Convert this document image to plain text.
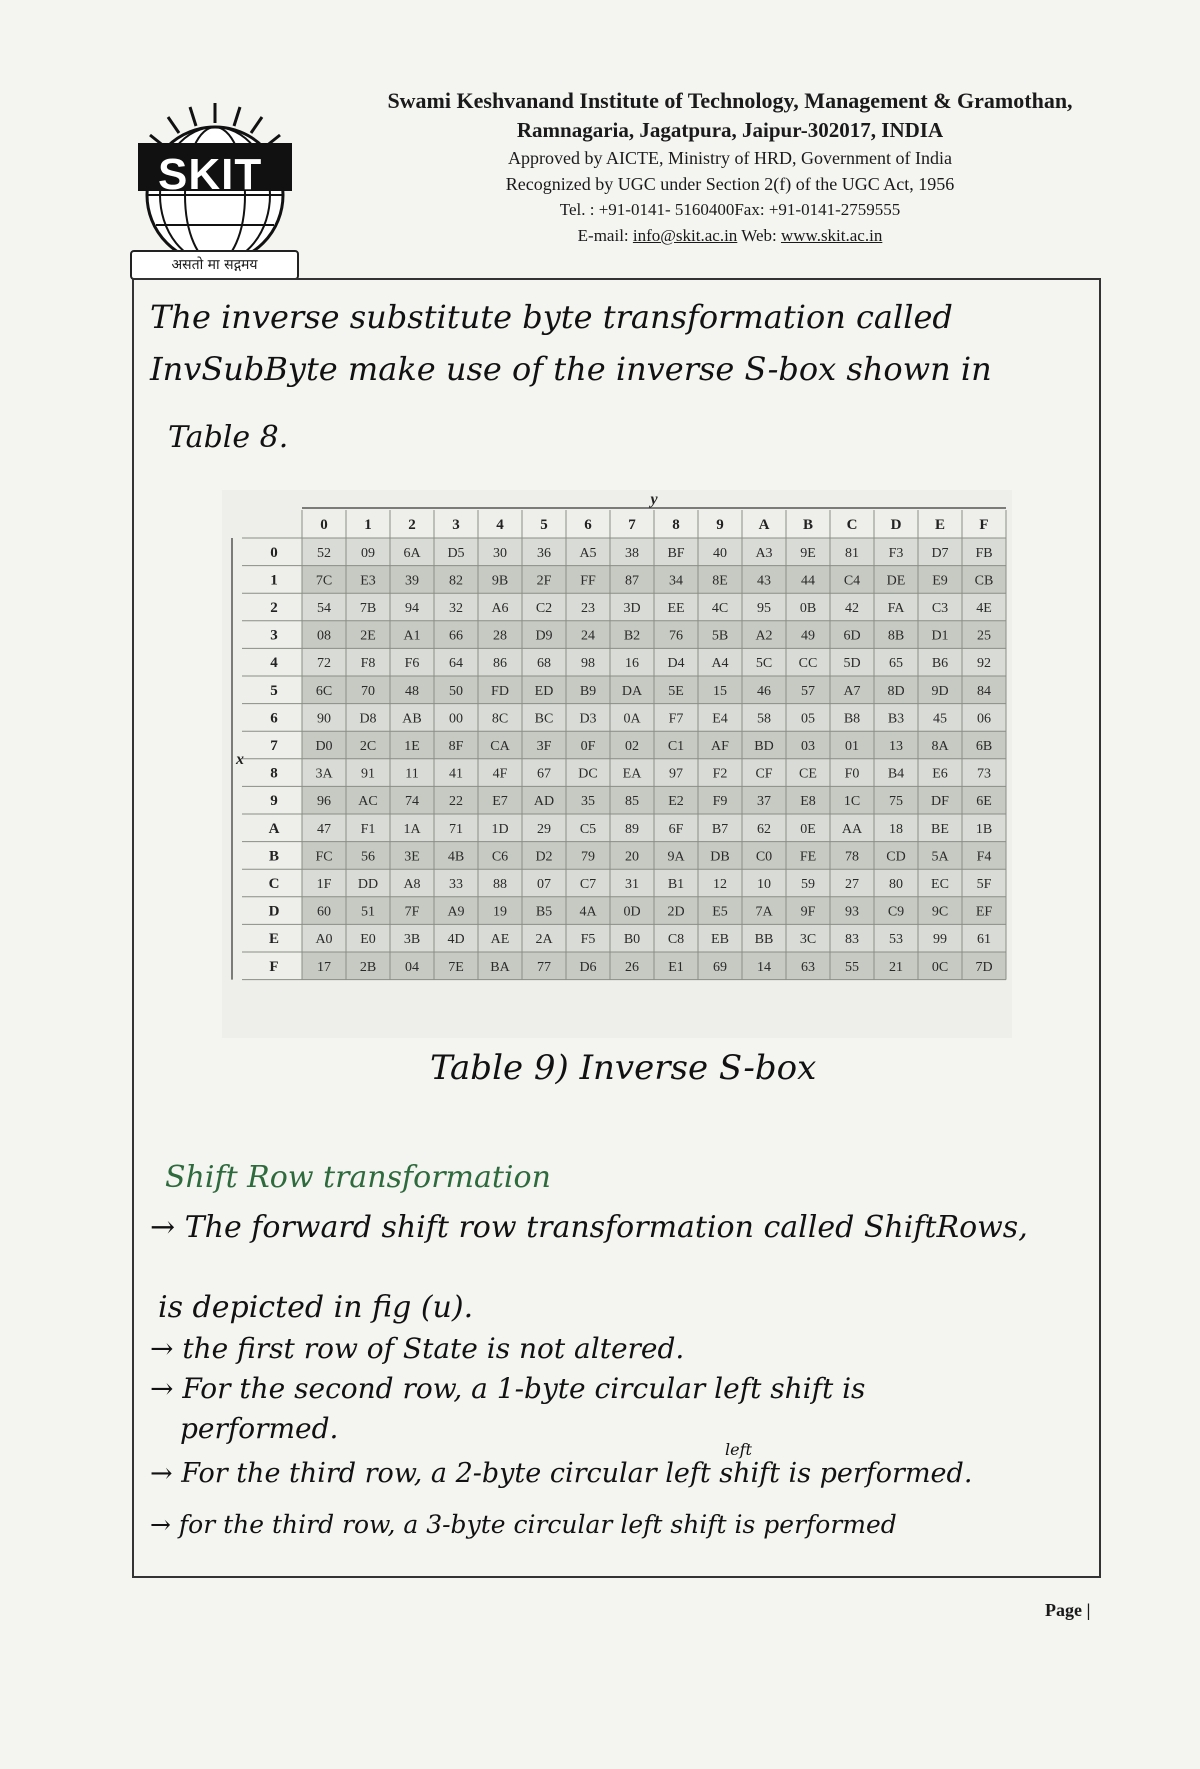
SKIT
असतो मा सद्गमय
Swami Keshvanand Institute of Technology, Management & Gramothan,
Ramnagaria, Jagatpura, Jaipur-302017, INDIA
Approved by AICTE, Ministry of HRD, Government of India
Recognized by UGC under Section 2(f) of the UGC Act, 1956
Tel. : +91-0141- 5160400Fax: +91-0141-2759555
E-mail: info@skit.ac.in Web: www.skit.ac.in
The inverse substitute byte transformation called
InvSubByte make use of the inverse S-box shown in
Table 8.
y
x
0 1 2 3 4 5 6 7 8 9 A B C D E F
0
1
2
3
4
5
6
7
8
9
A
B
C
D
E
F
52 09 6A D5 30 36 A5 38 BF 40 A3 9E 81 F3 D7 FB
7C E3 39 82 9B 2F FF 87 34 8E 43 44 C4 DE E9 CB
54 7B 94 32 A6 C2 23 3D EE 4C 95 0B 42 FA C3 4E
08 2E A1 66 28 D9 24 B2 76 5B A2 49 6D 8B D1 25
72 F8 F6 64 86 68 98 16 D4 A4 5C CC 5D 65 B6 92
6C 70 48 50 FD ED B9 DA 5E 15 46 57 A7 8D 9D 84
90 D8 AB 00 8C BC D3 0A F7 E4 58 05 B8 B3 45 06
D0 2C 1E 8F CA 3F 0F 02 C1 AF BD 03 01 13 8A 6B
3A 91 11 41 4F 67 DC EA 97 F2 CF CE F0 B4 E6 73
96 AC 74 22 E7 AD 35 85 E2 F9 37 E8 1C 75 DF 6E
47 F1 1A 71 1D 29 C5 89 6F B7 62 0E AA 18 BE 1B
FC 56 3E 4B C6 D2 79 20 9A DB C0 FE 78 CD 5A F4
1F DD A8 33 88 07 C7 31 B1 12 10 59 27 80 EC 5F
60 51 7F A9 19 B5 4A 0D 2D E5 7A 9F 93 C9 9C EF
A0 E0 3B 4D AE 2A F5 B0 C8 EB BB 3C 83 53 99 61
17 2B 04 7E BA 77 D6 26 E1 69 14 63 55 21 0C 7D
Table 9) Inverse S-box
Shift Row transformation
→ The forward shift row transformation called ShiftRows,
is depicted in fig (u).
→ the first row of State is not altered.
→ For the second row, a 1-byte circular left shift is
performed.
left
→ For the third row, a 2-byte circular left shift is performed.
→ for the third row, a 3-byte circular left shift is performed
Page |
